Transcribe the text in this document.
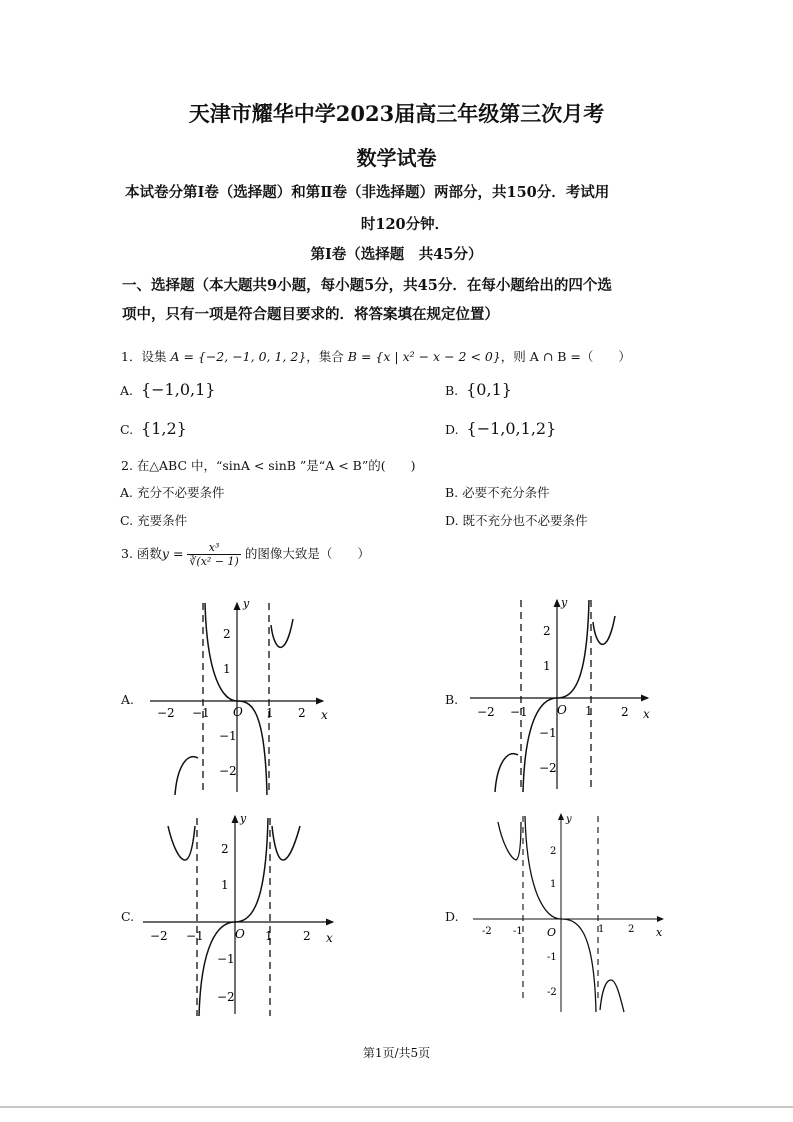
天津市耀华中学2023届高三年级第三次月考
数学试卷
本试卷分第Ⅰ卷（选择题）和第Ⅱ卷（非选择题）两部分，共150分．考试用
时120分钟．
第Ⅰ卷（选择题　共45分）
一、选择题（本大题共9小题，每小题5分，共45分．在每小题给出的四个选
项中，只有一项是符合题目要求的．将答案填在规定位置）
1．设集 A = {−2, −1, 0, 1, 2}，集合 B = {x | x² − x − 2 < 0}，则 A ∩ B =（　　）
A. {−1,0,1}	B. {0,1}
C. {1,2}	D. {−1,0,1,2}
2. 在△ABC 中，“sinA < sinB ”是“A < B”的(　　)
A. 充分不必要条件	B. 必要不充分条件
C. 充要条件	D. 既不充分也不必要条件
3. 函数$y = \frac{\text{x³}}{\text{∛(x² − 1)}}$ 的图像大致是（　　）
A.	B.
C.	D.
y
x
O
−2 −1	1 2
2
1
−1
−2
y
x
O
−2 −1	1 2
2
1
−1
−2
y
x
O
−2 −1	1	2
2
1
−1
−2
y
x
O
-2 -1	1 2
2
1
-1
-2
第1页/共5页
